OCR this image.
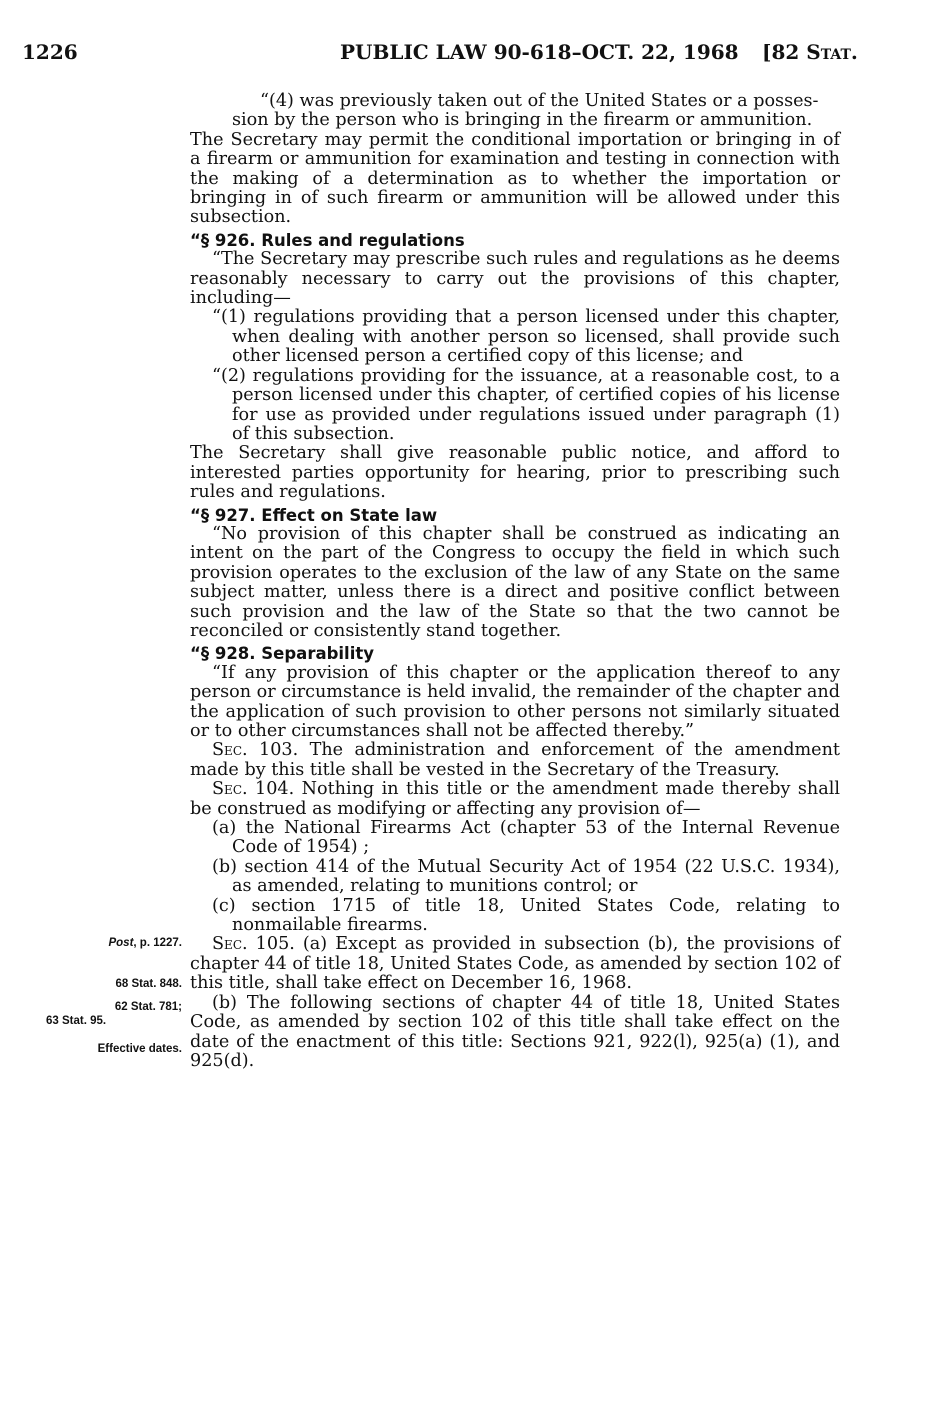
1226	PUBLIC LAW 90-618–OCT. 22, 1968 [82 Stat.

“(4) was previously taken out of the United States or a posses-

sion by the person who is bringing in the firearm or ammunition.

The Secretary may permit the conditional importation or bringing in of a firearm or ammunition for examination and testing in connection with the making of a determination as to whether the importation or bringing in of such firearm or ammunition will be allowed under this subsection.

“§ 926. Rules and regulations

“The Secretary may prescribe such rules and regulations as he deems reasonably necessary to carry out the provisions of this chapter, including—

“(1) regulations providing that a person licensed under this chapter, when dealing with another person so licensed, shall provide such other licensed person a certified copy of this license; and

“(2) regulations providing for the issuance, at a reasonable cost, to a person licensed under this chapter, of certified copies of his license for use as provided under regulations issued under paragraph (1) of this subsection.

The Secretary shall give reasonable public notice, and afford to interested parties opportunity for hearing, prior to prescribing such rules and regulations.

“§ 927. Effect on State law

“No provision of this chapter shall be construed as indicating an intent on the part of the Congress to occupy the field in which such provision operates to the exclusion of the law of any State on the same subject matter, unless there is a direct and positive conflict between such provision and the law of the State so that the two cannot be reconciled or consistently stand together.

“§ 928. Separability

“If any provision of this chapter or the application thereof to any person or circumstance is held invalid, the remainder of the chapter and the application of such provision to other persons not similarly situated or to other circumstances shall not be affected thereby.”

Sec. 103. The administration and enforcement of the amendment made by this title shall be vested in the Secretary of the Treasury.

Sec. 104. Nothing in this title or the amendment made thereby shall be construed as modifying or affecting any provision of—

(a) the National Firearms Act (chapter 53 of the Internal Revenue Code of 1954) ;

(b) section 414 of the Mutual Security Act of 1954 (22 U.S.C. 1934), as amended, relating to munitions control; or

(c) section 1715 of title 18, United States Code, relating to nonmailable firearms.

Sec. 105. (a) Except as provided in subsection (b), the provisions of chapter 44 of title 18, United States Code, as amended by section 102 of this title, shall take effect on December 16, 1968.

(b) The following sections of chapter 44 of title 18, United States Code, as amended by section 102 of this title shall take effect on the date of the enactment of this title: Sections 921, 922(l), 925(a) (1), and 925(d).

Post, p. 1227.
68 Stat. 848.
62 Stat. 781;
63 Stat. 95.
Effective dates.
